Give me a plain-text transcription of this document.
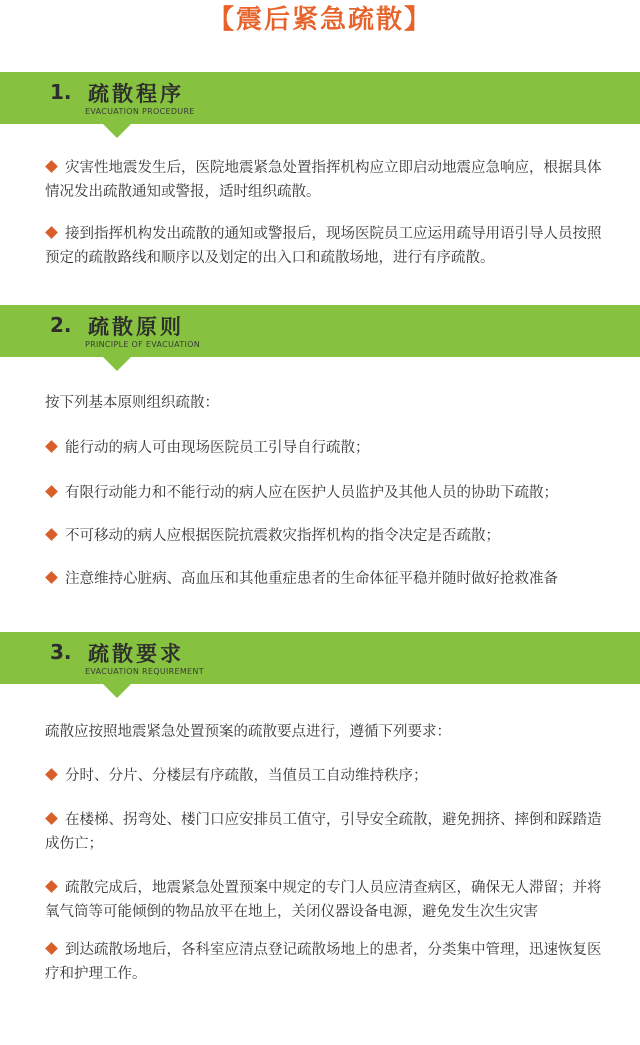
【震后紧急疏散】
1. 疏散程序
EVACUATION PROCEDURE
灾害性地震发生后，医院地震紧急处置指挥机构应立即启动地震应急响应，根据具体情况发出疏散通知或警报，适时组织疏散。
接到指挥机构发出疏散的通知或警报后，现场医院员工应运用疏导用语引导人员按照预定的疏散路线和顺序以及划定的出入口和疏散场地，进行有序疏散。
2. 疏散原则
PRINCIPLE OF EVACUATION
按下列基本原则组织疏散：
能行动的病人可由现场医院员工引导自行疏散；
有限行动能力和不能行动的病人应在医护人员监护及其他人员的协助下疏散；
不可移动的病人应根据医院抗震救灾指挥机构的指令决定是否疏散；
注意维持心脏病、高血压和其他重症患者的生命体征平稳并随时做好抢救准备
3. 疏散要求
EVACUATION REQUIREMENT
疏散应按照地震紧急处置预案的疏散要点进行，遵循下列要求：
分时、分片、分楼层有序疏散，当值员工自动维持秩序；
在楼梯、拐弯处、楼门口应安排员工值守，引导安全疏散，避免拥挤、摔倒和踩踏造成伤亡；
疏散完成后，地震紧急处置预案中规定的专门人员应清查病区，确保无人滞留；并将氧气筒等可能倾倒的物品放平在地上，关闭仪器设备电源，避免发生次生灾害
到达疏散场地后，各科室应清点登记疏散场地上的患者，分类集中管理，迅速恢复医疗和护理工作。
